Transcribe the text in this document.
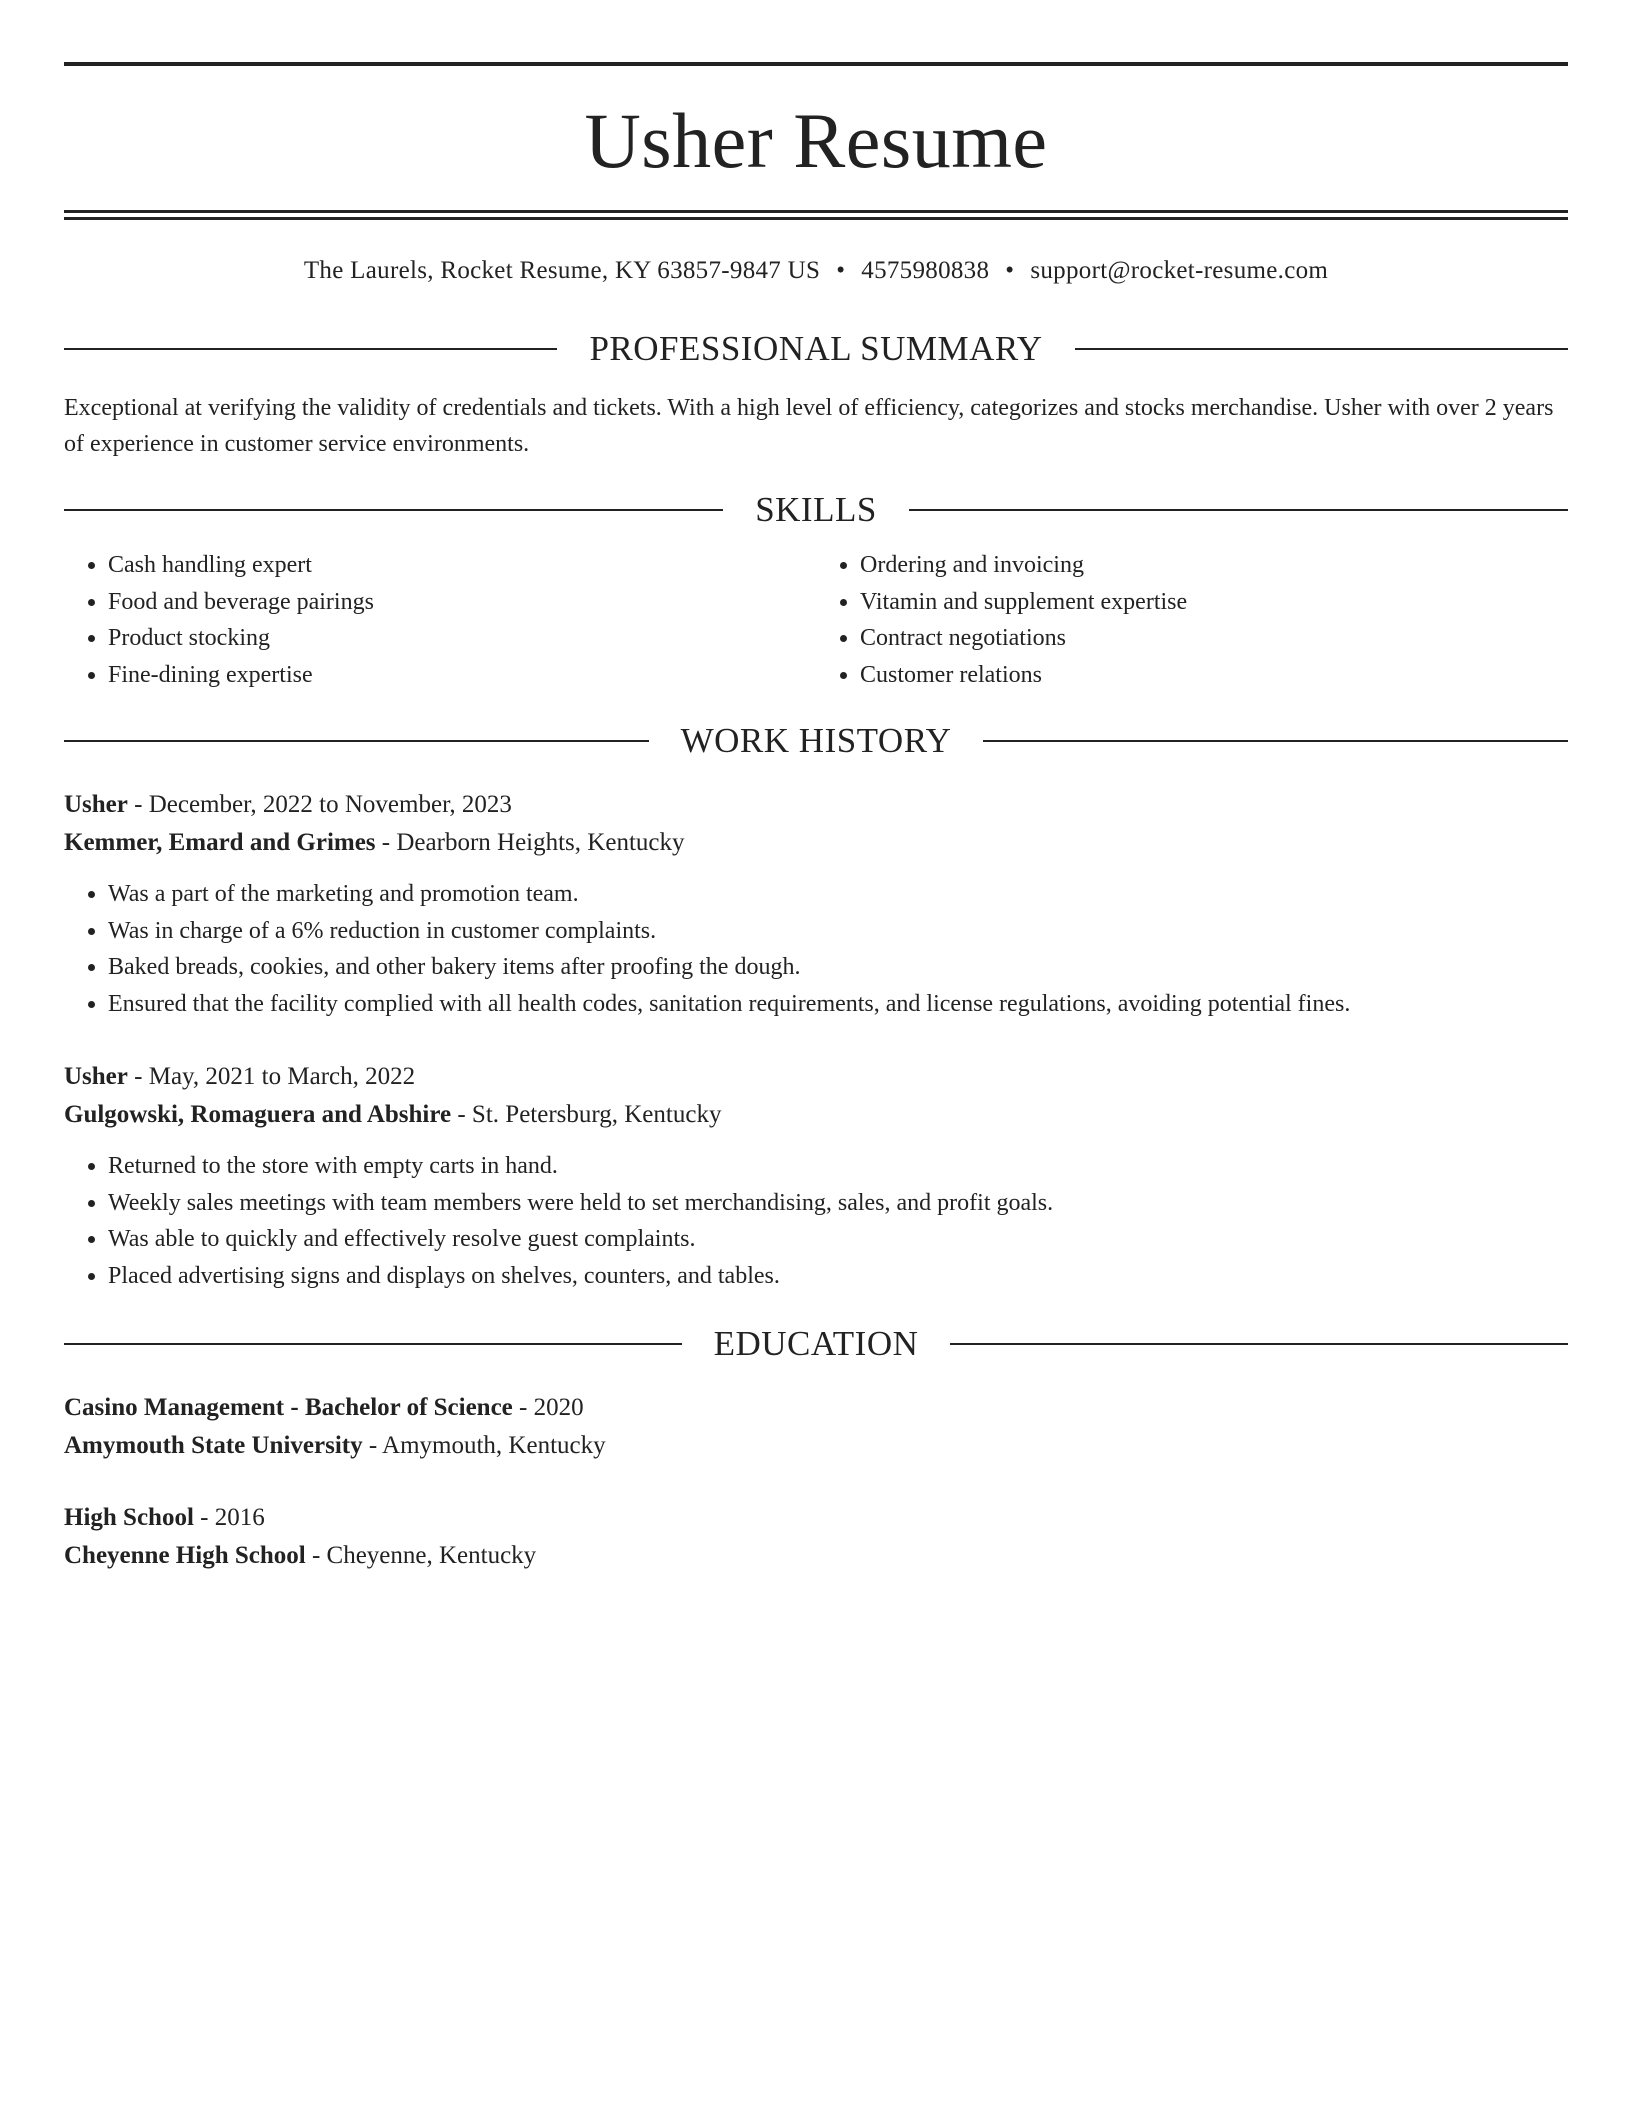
Usher Resume
The Laurels, Rocket Resume, KY 63857-9847 US • 4575980838 • support@rocket-resume.com
PROFESSIONAL SUMMARY

Exceptional at verifying the validity of credentials and tickets. With a high level of efficiency, categorizes and stocks merchandise. Usher with over 2 years of experience in customer service environments.

SKILLS
• Cash handling expert
• Food and beverage pairings
• Product stocking
• Fine-dining expertise
• Ordering and invoicing
• Vitamin and supplement expertise
• Contract negotiations
• Customer relations
WORK HISTORY

Usher - December, 2022 to November, 2023

Kemmer, Emard and Grimes - Dearborn Heights, Kentucky

• Was a part of the marketing and promotion team.
• Was in charge of a 6% reduction in customer complaints.
• Baked breads, cookies, and other bakery items after proofing the dough.
• Ensured that the facility complied with all health codes, sanitation requirements, and license regulations, avoiding potential fines.

Usher - May, 2021 to March, 2022

Gulgowski, Romaguera and Abshire - St. Petersburg, Kentucky

• Returned to the store with empty carts in hand.
• Weekly sales meetings with team members were held to set merchandising, sales, and profit goals.
• Was able to quickly and effectively resolve guest complaints.
• Placed advertising signs and displays on shelves, counters, and tables.
EDUCATION

Casino Management - Bachelor of Science - 2020

Amymouth State University - Amymouth, Kentucky

High School - 2016

Cheyenne High School - Cheyenne, Kentucky
